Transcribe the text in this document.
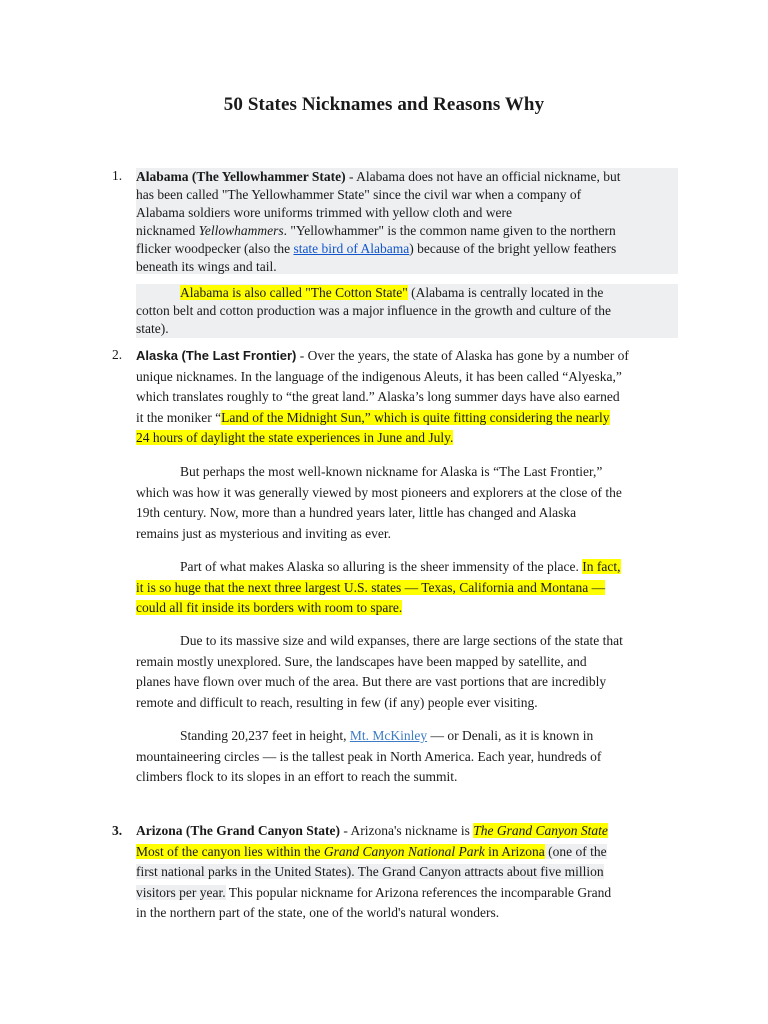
50 States Nicknames and Reasons Why
1. Alabama (The Yellowhammer State) - Alabama does not have an official nickname, but
has been called "The Yellowhammer State" since the civil war when a company of
Alabama soldiers wore uniforms trimmed with yellow cloth and were
nicknamed Yellowhammers. "Yellowhammer" is the common name given to the northern
flicker woodpecker (also the state bird of Alabama) because of the bright yellow feathers
beneath its wings and tail.
Alabama is also called "The Cotton State" (Alabama is centrally located in the
cotton belt and cotton production was a major influence in the growth and culture of the
state).
2. Alaska (The Last Frontier) - Over the years, the state of Alaska has gone by a number of
unique nicknames. In the language of the indigenous Aleuts, it has been called “Alyeska,”
which translates roughly to “the great land.” Alaska’s long summer days have also earned
it the moniker “Land of the Midnight Sun,” which is quite fitting considering the nearly
24 hours of daylight the state experiences in June and July.
But perhaps the most well-known nickname for Alaska is “The Last Frontier,”
which was how it was generally viewed by most pioneers and explorers at the close of the
19th century. Now, more than a hundred years later, little has changed and Alaska
remains just as mysterious and inviting as ever.
Part of what makes Alaska so alluring is the sheer immensity of the place. In fact,
it is so huge that the next three largest U.S. states — Texas, California and Montana —
could all fit inside its borders with room to spare.
Due to its massive size and wild expanses, there are large sections of the state that
remain mostly unexplored. Sure, the landscapes have been mapped by satellite, and
planes have flown over much of the area. But there are vast portions that are incredibly
remote and difficult to reach, resulting in few (if any) people ever visiting.
Standing 20,237 feet in height, Mt. McKinley — or Denali, as it is known in
mountaineering circles — is the tallest peak in North America. Each year, hundreds of
climbers flock to its slopes in an effort to reach the summit.
3. Arizona (The Grand Canyon State) - Arizona's nickname is The Grand Canyon State
Most of the canyon lies within the Grand Canyon National Park in Arizona (one of the
first national parks in the United States). The Grand Canyon attracts about five million
visitors per year. This popular nickname for Arizona references the incomparable Grand
in the northern part of the state, one of the world's natural wonders.
